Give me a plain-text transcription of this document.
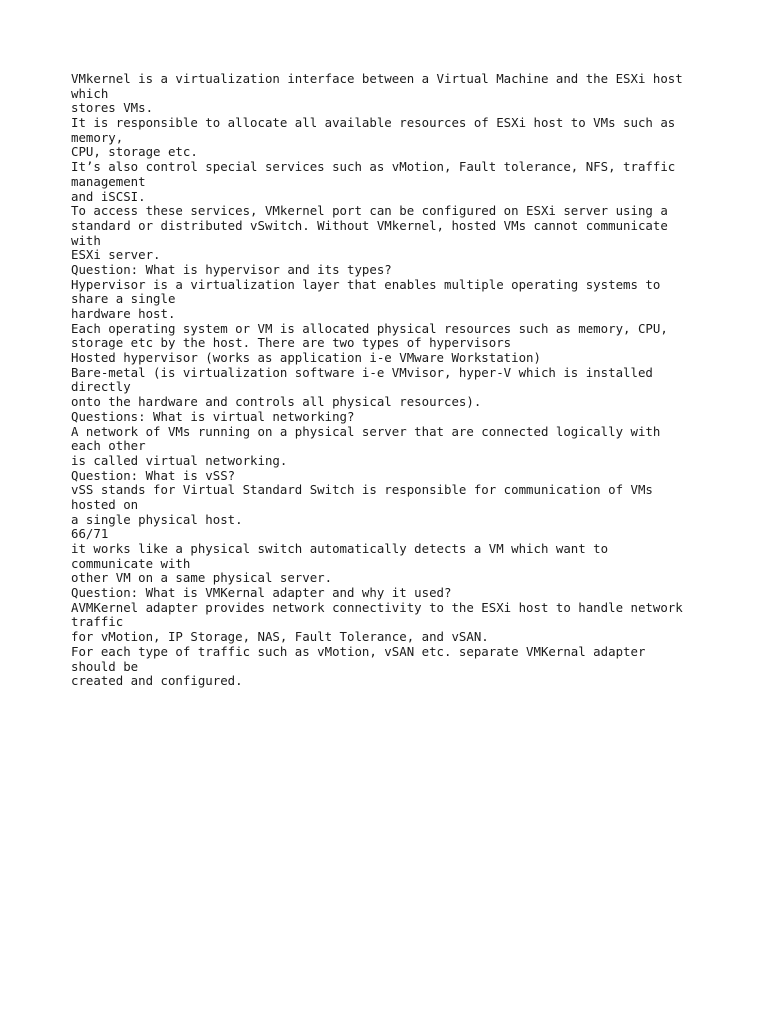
VMkernel is a virtualization interface between a Virtual Machine and the ESXi host
which
stores VMs.
It is responsible to allocate all available resources of ESXi host to VMs such as
memory,
CPU, storage etc.
It’s also control special services such as vMotion, Fault tolerance, NFS, traffic
management
and iSCSI.
To access these services, VMkernel port can be configured on ESXi server using a
standard or distributed vSwitch. Without VMkernel, hosted VMs cannot communicate
with
ESXi server.
Question: What is hypervisor and its types?
Hypervisor is a virtualization layer that enables multiple operating systems to
share a single
hardware host.
Each operating system or VM is allocated physical resources such as memory, CPU,
storage etc by the host. There are two types of hypervisors
Hosted hypervisor (works as application i-e VMware Workstation)
Bare-metal (is virtualization software i-e VMvisor, hyper-V which is installed
directly
onto the hardware and controls all physical resources).
Questions: What is virtual networking?
A network of VMs running on a physical server that are connected logically with
each other
is called virtual networking.
Question: What is vSS?
vSS stands for Virtual Standard Switch is responsible for communication of VMs
hosted on
a single physical host.
66/71
it works like a physical switch automatically detects a VM which want to
communicate with
other VM on a same physical server.
Question: What is VMKernal adapter and why it used?
AVMKernel adapter provides network connectivity to the ESXi host to handle network
traffic
for vMotion, IP Storage, NAS, Fault Tolerance, and vSAN.
For each type of traffic such as vMotion, vSAN etc. separate VMKernal adapter
should be
created and configured.
